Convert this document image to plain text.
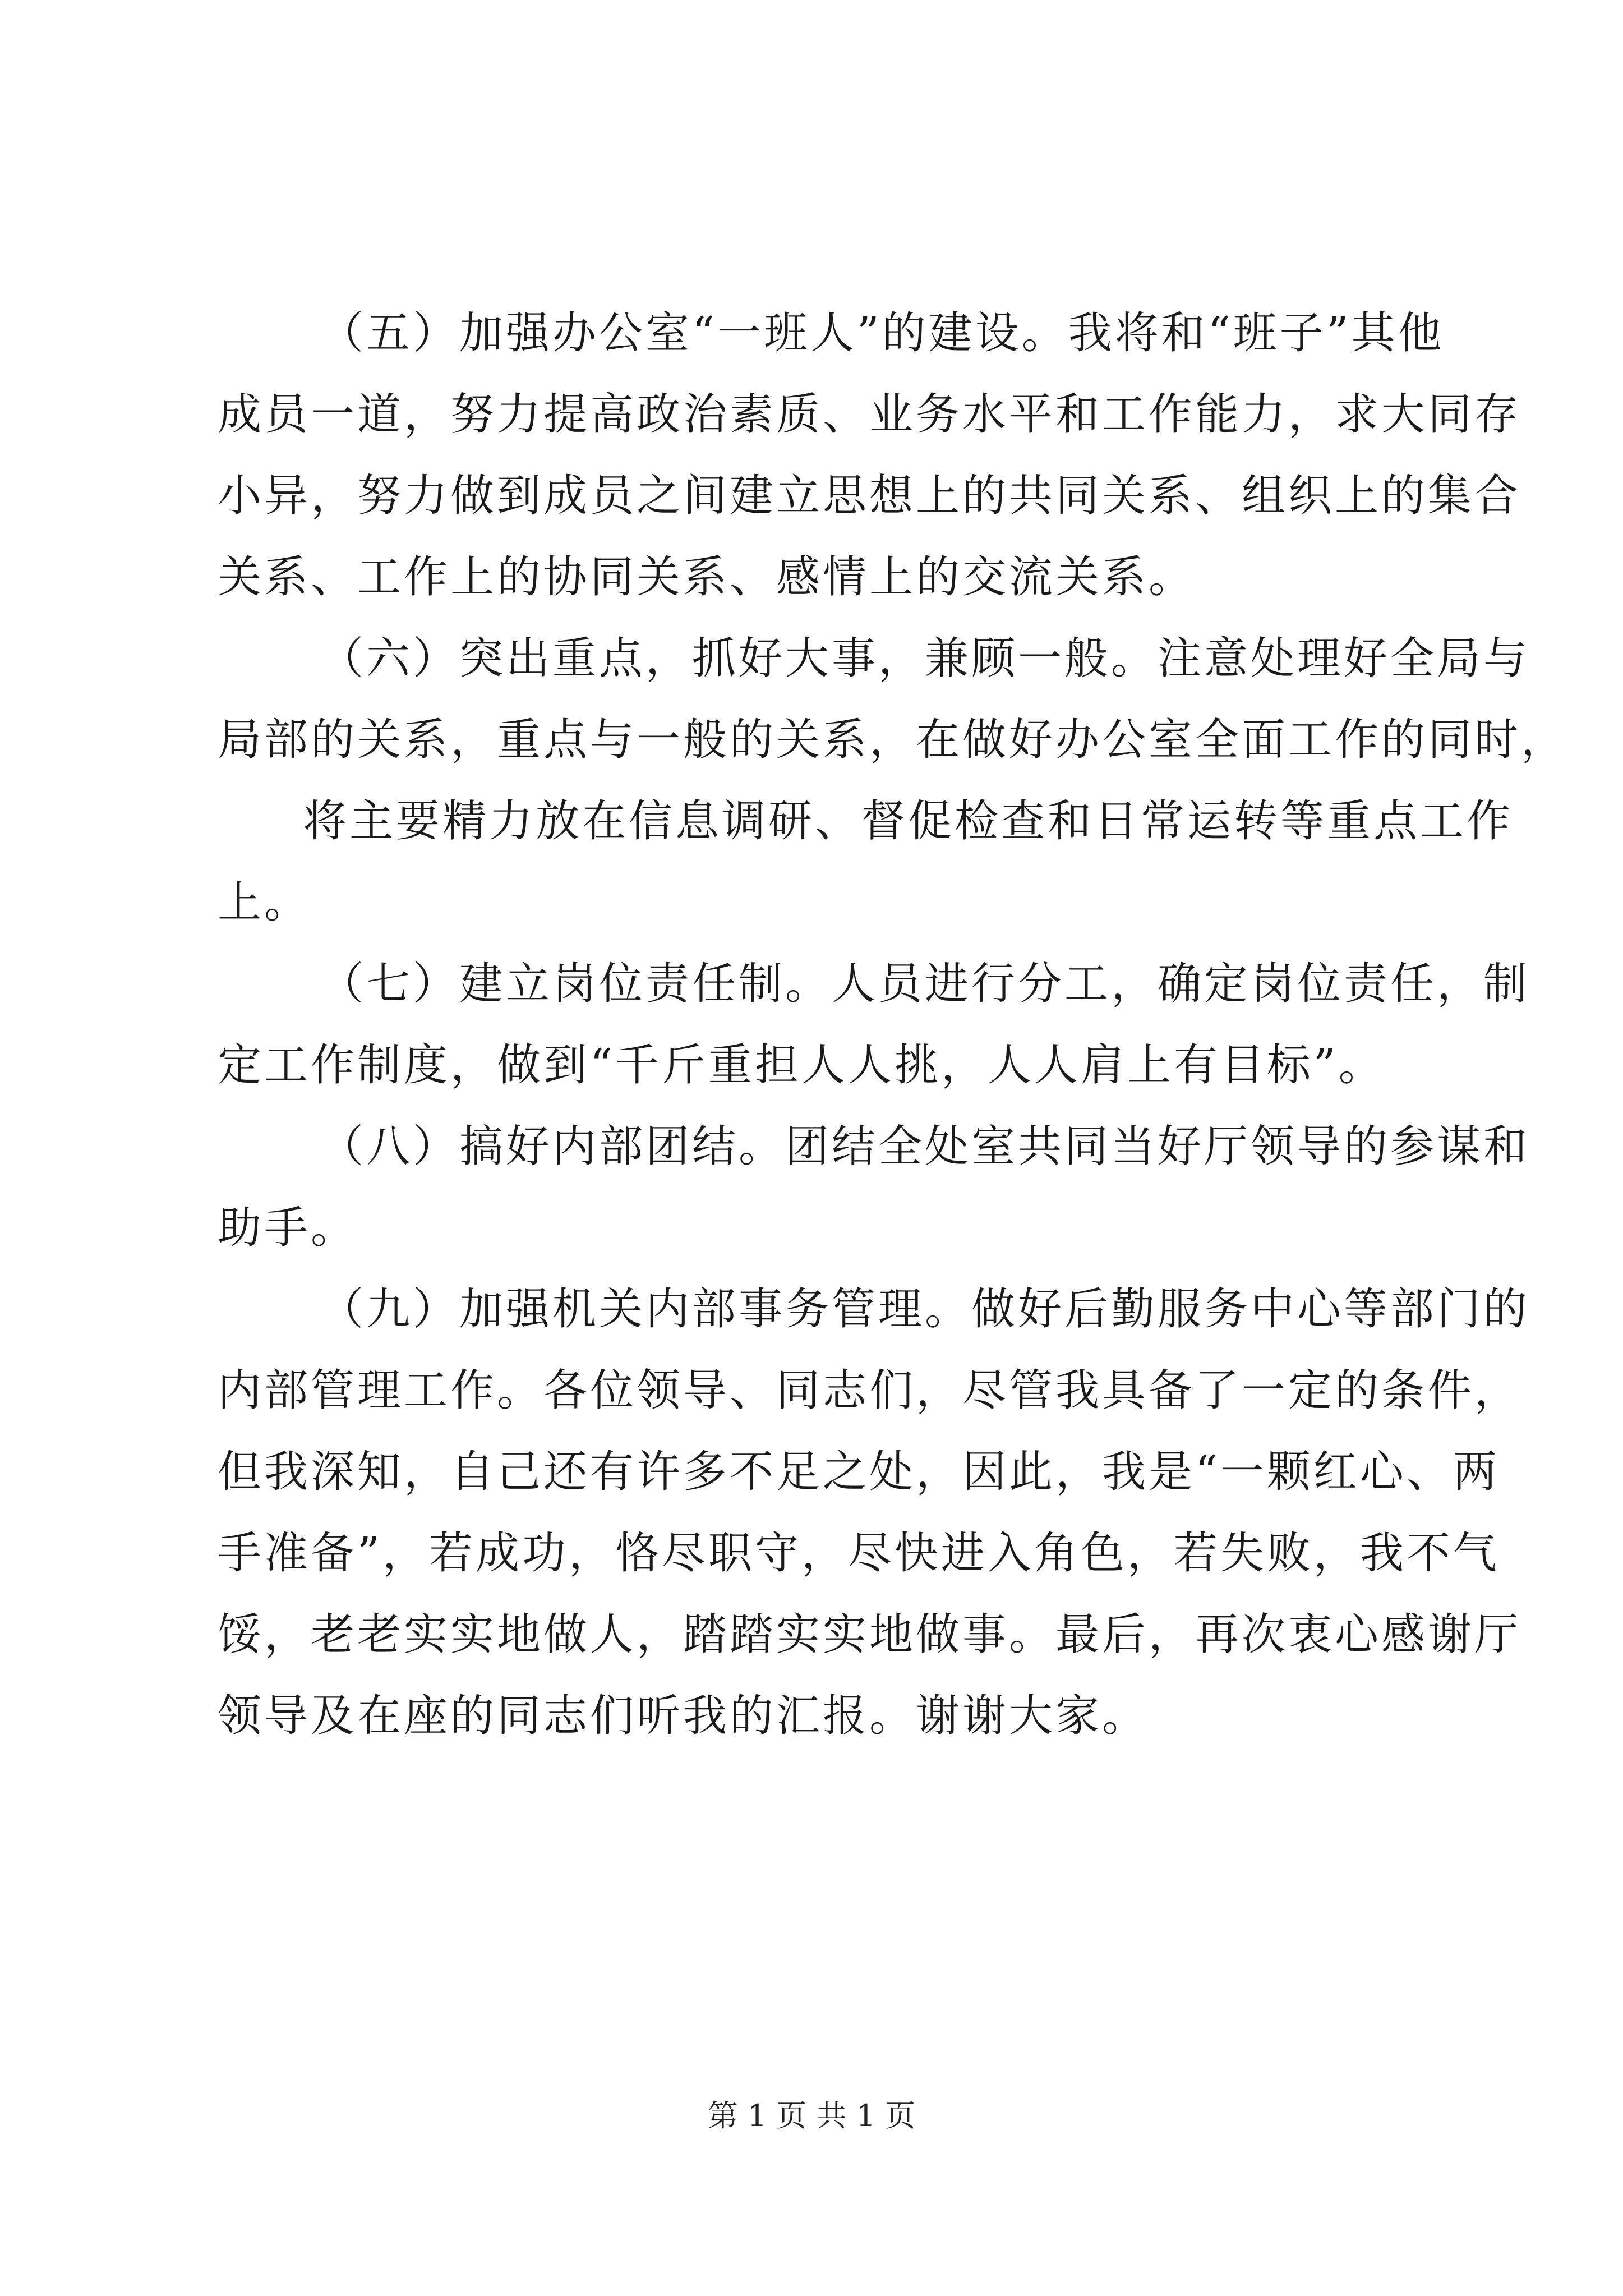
（五）加强办公室“一班人”的建设。我将和“班子”其他
成员一道，努力提高政治素质、业务水平和工作能力，求大同存
小异，努力做到成员之间建立思想上的共同关系、组织上的集合
关系、工作上的协同关系、感情上的交流关系。
（六）突出重点，抓好大事，兼顾一般。注意处理好全局与
局部的关系，重点与一般的关系，在做好办公室全面工作的同时，
将主要精力放在信息调研、督促检查和日常运转等重点工作
上。
（七）建立岗位责任制。人员进行分工，确定岗位责任，制
定工作制度，做到“千斤重担人人挑，人人肩上有目标”。
（八）搞好内部团结。团结全处室共同当好厅领导的参谋和
助手。
（九）加强机关内部事务管理。做好后勤服务中心等部门的
内部管理工作。各位领导、同志们，尽管我具备了一定的条件，
但我深知，自己还有许多不足之处，因此，我是“一颗红心、两
手准备”，若成功，恪尽职守，尽快进入角色，若失败，我不气
馁，老老实实地做人，踏踏实实地做事。最后，再次衷心感谢厅
领导及在座的同志们听我的汇报。谢谢大家。
第 1 页 共 1 页
